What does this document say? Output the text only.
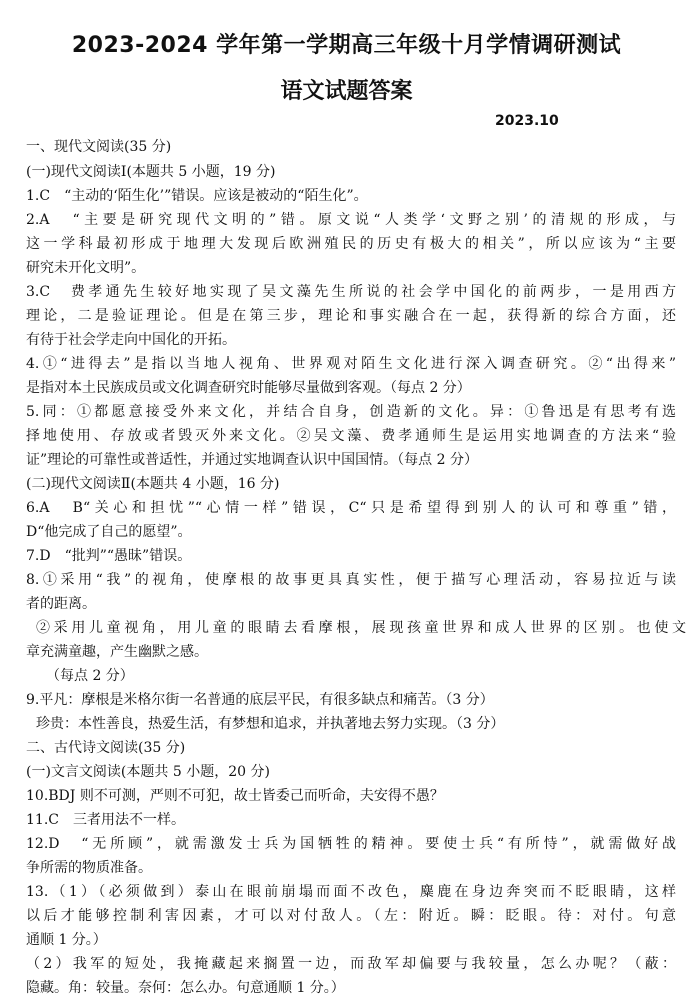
2023-2024 学年第一学期高三年级十月学情调研测试
语文试题答案
2023.10
一、现代文阅读(35 分)
(一)现代文阅读Ⅰ(本题共 5 小题，19 分)
1.C　“主动的‘陌生化’”错误。应该是被动的“陌生化”。
2.A　“主要是研究现代文明的”错。原文说“人类学‘文野之别’的清规的形成，与
这一学科最初形成于地理大发现后欧洲殖民的历史有极大的相关”，所以应该为“主要
研究未开化文明”。
3.C　费孝通先生较好地实现了吴文藻先生所说的社会学中国化的前两步，一是用西方
理论，二是验证理论。但是在第三步，理论和事实融合在一起，获得新的综合方面，还
有待于社会学走向中国化的开拓。
4.①“进得去”是指以当地人视角、世界观对陌生文化进行深入调查研究。②“出得来”
是指对本土民族成员或文化调查研究时能够尽量做到客观。（每点 2 分）
5.同：①都愿意接受外来文化，并结合自身，创造新的文化。异：①鲁迅是有思考有选
择地使用、存放或者毁灭外来文化。②吴文藻、费孝通师生是运用实地调查的方法来“验
证”理论的可靠性或普适性，并通过实地调查认识中国国情。（每点 2 分）
(二)现代文阅读Ⅱ(本题共 4 小题，16 分)
6.A　B“关心和担忧”“心情一样”错误，C“只是希望得到别人的认可和尊重”错，
D“他完成了自己的愿望”。
7.D　“批判”“愚昧”错误。
8.①采用“我”的视角，使摩根的故事更具真实性，便于描写心理活动，容易拉近与读
者的距离。
②采用儿童视角，用儿童的眼睛去看摩根，展现孩童世界和成人世界的区别。也使文
章充满童趣，产生幽默之感。
（每点 2 分）
9.平凡：摩根是米格尔街一名普通的底层平民，有很多缺点和痛苦。（3 分）
珍贵：本性善良，热爱生活，有梦想和追求，并执著地去努力实现。（3 分）
二、古代诗文阅读(35 分)
(一)文言文阅读(本题共 5 小题，20 分)
10.BDJ 则不可测，严则不可犯，故士皆委己而听命，夫安得不愚？
11.C　三者用法不一样。
12.D　“无所顾”，就需激发士兵为国牺牲的精神。要使士兵“有所恃”，就需做好战
争所需的物质准备。
13.（1）（必须做到）泰山在眼前崩塌而面不改色，麋鹿在身边奔突而不眨眼睛，这样
以后才能够控制利害因素，才可以对付敌人。（左：附近。瞬：眨眼。待：对付。句意
通顺 1 分。）
（2）我军的短处，我掩藏起来搁置一边，而敌军却偏要与我较量，怎么办呢？（蔽：
隐藏。角：较量。奈何：怎么办。句意通顺 1 分。）
